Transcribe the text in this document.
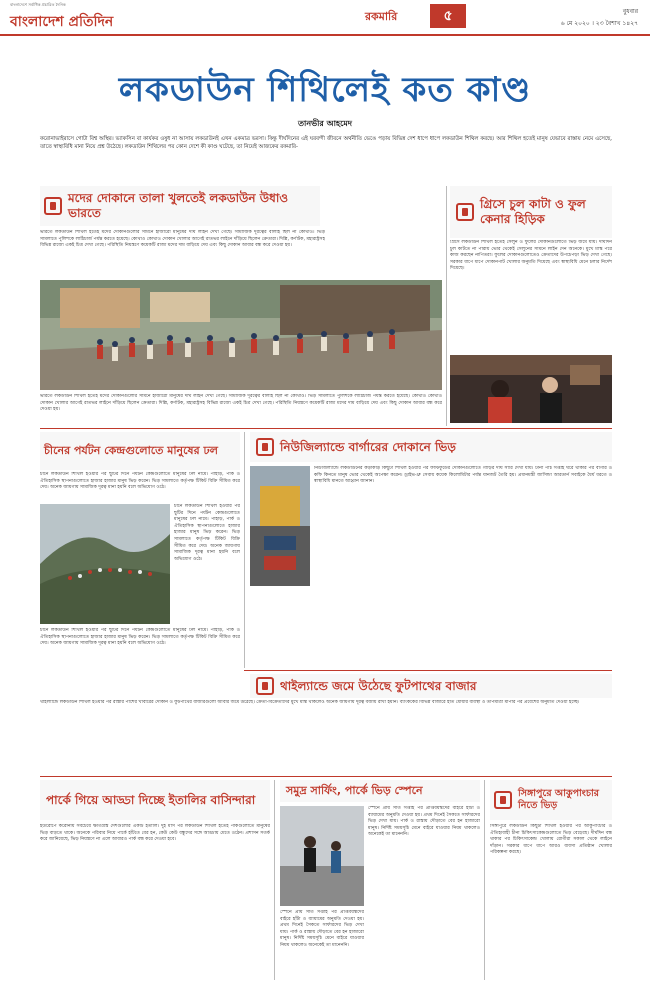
বাংলাদেশে সর্বাধিক প্রচারিত দৈনিক
বাংলাদেশ প্রতিদিন	রকমারি	৫	বুধবার
৬ মে ২০২০ । ২৩ বৈশাখ ১৪২৭
লকডাউন শিথিলেই কত কাণ্ড
তানভীর আহমেদ
করোনাভাইরাসে গোটা বিশ্ব অস্থির। ভ্যাকসিন বা কার্যকর ওষুধ না আসায় লকডাউনই এখন একমাত্র ভরসা। কিন্তু দীর্ঘদিনের এই ঘরবন্দী জীবনে অর্থনীতি ভেঙে পড়ায় বিভিন্ন দেশ ধাপে ধাপে লকডাউন শিথিল করছে। আর শিথিল হতেই মানুষ যেভাবে রাস্তায় নেমে এসেছে, তাতে স্বাস্থ্যবিধি মানা নিয়ে প্রশ্ন উঠেছে। লকডাউন শিথিলের পর কোন দেশে কী কাণ্ড ঘটেছে, তা নিয়েই আজকের রকমারি-
মদের দোকানে তালা খুলতেই লকডাউন উধাও ভারতে
ভারতে লকডাউন শিথিল হতেই মদের দোকানগুলোর সামনে হাজারো মানুষের দীর্ঘ লাইন দেখা গেছে। সামাজিক দূরত্বের বালাই ছিল না কোথাও। ভিড় সামলাতে পুলিশকে লাঠিচার্জ পর্যন্ত করতে হয়েছে। কোথাও কোথাও দোকান খোলার আগেই রাতভর লাইনে দাঁড়িয়ে ছিলেন ক্রেতারা। দিল্লি, কর্ণাটক, মহারাষ্ট্রসহ বিভিন্ন রাজ্যে একই চিত্র দেখা গেছে। পরিস্থিতি নিয়ন্ত্রণে কয়েকটি রাজ্য মদের দাম বাড়িয়ে দেয় এবং কিছু দোকান আবার বন্ধ করে দেওয়া হয়।
ভারতে লকডাউন শিথিল হতেই মদের দোকানগুলোর সামনে হাজারো মানুষের দীর্ঘ লাইন দেখা গেছে। সামাজিক দূরত্বের বালাই ছিল না কোথাও। ভিড় সামলাতে পুলিশকে লাঠিচার্জ পর্যন্ত করতে হয়েছে। কোথাও কোথাও দোকান খোলার আগেই রাতভর লাইনে দাঁড়িয়ে ছিলেন ক্রেতারা। দিল্লি, কর্ণাটক, মহারাষ্ট্রসহ বিভিন্ন রাজ্যে একই চিত্র দেখা গেছে। পরিস্থিতি নিয়ন্ত্রণে কয়েকটি রাজ্য মদের দাম বাড়িয়ে দেয় এবং কিছু দোকান আবার বন্ধ করে দেওয়া হয়।
গ্রিসে চুল কাটা ও ফুল কেনার হিড়িক
গ্রিসে লকডাউন শিথিল হতেই সেলুন ও ফুলের দোকানগুলোতে ভিড় জমে যায়। দীর্ঘদিন চুল কাটতে না পারায় ভোর থেকেই সেলুনের সামনে লাইন দেন অনেকে। মুখে মাস্ক পরে কাজ করছেন নাপিতরা। ফুলের দোকানগুলোতেও ক্রেতাদের উপচেপড়া ভিড় দেখা গেছে। সরকার ধাপে ধাপে দোকানপাট খোলার অনুমতি দিয়েছে এবং স্বাস্থ্যবিধি মেনে চলার নির্দেশ দিয়েছে।
চীনের পর্যটন কেন্দ্রগুলোতে মানুষের ঢল
চীনে লকডাউন শিথিল হওয়ার পর ছুটির দিনে পর্যটন কেন্দ্রগুলোতে মানুষের ঢল নামে। পাহাড়, পার্ক ও ঐতিহাসিক স্থাপনাগুলোতে হাজার হাজার মানুষ ভিড় করেন। ভিড় সামলাতে কর্তৃপক্ষ টিকিট বিক্রি সীমিত করে দেয়। অনেক জায়গায় সামাজিক দূরত্ব মানা হয়নি বলে অভিযোগ ওঠে।
চীনে লকডাউন শিথিল হওয়ার পর ছুটির দিনে পর্যটন কেন্দ্রগুলোতে মানুষের ঢল নামে। পাহাড়, পার্ক ও ঐতিহাসিক স্থাপনাগুলোতে হাজার হাজার মানুষ ভিড় করেন। ভিড় সামলাতে কর্তৃপক্ষ টিকিট বিক্রি সীমিত করে দেয়। অনেক জায়গায় সামাজিক দূরত্ব মানা হয়নি বলে অভিযোগ ওঠে।
চীনে লকডাউন শিথিল হওয়ার পর ছুটির দিনে পর্যটন কেন্দ্রগুলোতে মানুষের ঢল নামে। পাহাড়, পার্ক ও ঐতিহাসিক স্থাপনাগুলোতে হাজার হাজার মানুষ ভিড় করেন। ভিড় সামলাতে কর্তৃপক্ষ টিকিট বিক্রি সীমিত করে দেয়। অনেক জায়গায় সামাজিক দূরত্ব মানা হয়নি বলে অভিযোগ ওঠে।
নিউজিল্যান্ডে বার্গারের দোকানে ভিড়
নিউজিল্যান্ডে লকডাউনের কড়াকড়ি কিছুটা শিথিল হওয়ার পর ফাস্টফুডের দোকানগুলোতে গাড়ির দীর্ঘ সারি দেখা যায়। টানা পাঁচ সপ্তাহ ঘরে থাকার পর বার্গার ও কফি কিনতে মানুষ ভোর থেকেই অপেক্ষা করেন। ড্রাইভ-থ্রু সেবায় কয়েক কিলোমিটার পর্যন্ত যানজট তৈরি হয়। প্রধানমন্ত্রী জাসিন্ডা আরডার্ন সবাইকে ধৈর্য ধরতে ও স্বাস্থ্যবিধি মানতে আহ্বান জানান।
থাইল্যান্ডে জমে উঠেছে ফুটপাথের বাজার
থাইল্যান্ডে লকডাউন শিথিল হওয়ার পর রাস্তার পাশের খাবারের দোকান ও ফুটপাথের বাজারগুলো আবার জমে উঠেছে। ক্রেতা-বিক্রেতাদের মুখে মাস্ক থাকলেও অনেক জায়গায় দূরত্ব বজায় রাখা হয়নি। ব্যাংককের বিভিন্ন বাজারে হাত ধোয়ার ব্যবস্থা ও তাপমাত্রা মাপার পর প্রবেশের অনুমতি দেওয়া হচ্ছে।
পার্কে গিয়ে আড্ডা দিচ্ছে ইতালির বাসিন্দারা
ইউরোপে করোনায় সবচেয়ে ক্ষতিগ্রস্ত দেশগুলোর একটি ইতালি। দুই মাস পর লকডাউন শিথিল হতেই পার্কগুলোতে মানুষের ভিড় বাড়তে থাকে। অনেকে পরিবার নিয়ে পার্কে হাঁটতে বের হন, কেউ কেউ বন্ধুদের সঙ্গে আড্ডায় মেতে ওঠেন। প্রশাসন সতর্ক করে জানিয়েছে, ভিড় নিয়ন্ত্রণে না এলে আবারও পার্ক বন্ধ করে দেওয়া হবে।
সমুদ্র সার্ফিং, পার্কে ভিড় স্পেনে
স্পেনে প্রায় সাত সপ্তাহ পর প্রাপ্তবয়স্কদের বাইরে হাঁটা ও ব্যায়ামের অনুমতি দেওয়া হয়। প্রথম দিনেই সৈকতে সার্ফারদের ভিড় দেখা যায়। পার্ক ও রাস্তায় দৌড়াতে বের হন হাজারো মানুষ। নির্দিষ্ট সময়সূচি মেনে বাইরে যাওয়ার নিয়ম থাকলেও অনেকেই তা মানেননি।
স্পেনে প্রায় সাত সপ্তাহ পর প্রাপ্তবয়স্কদের বাইরে হাঁটা ও ব্যায়ামের অনুমতি দেওয়া হয়। প্রথম দিনেই সৈকতে সার্ফারদের ভিড় দেখা যায়। পার্ক ও রাস্তায় দৌড়াতে বের হন হাজারো মানুষ। নির্দিষ্ট সময়সূচি মেনে বাইরে যাওয়ার নিয়ম থাকলেও অনেকেই তা মানেননি।
সিঙ্গাপুরে আকুপাংচার নিতে ভিড়
সিঙ্গাপুরে লকডাউন কিছুটা শিথিল হওয়ার পর আকুপাংচার ও ঐতিহ্যবাহী চীনা চিকিৎসাকেন্দ্রগুলোতে ভিড় বেড়েছে। দীর্ঘদিন বন্ধ থাকার পর চিকিৎসাকেন্দ্র খোলায় রোগীরা সকাল থেকে লাইনে দাঁড়ান। সরকার ধাপে ধাপে আরও ব্যবসা প্রতিষ্ঠান খোলার পরিকল্পনা করছে।
